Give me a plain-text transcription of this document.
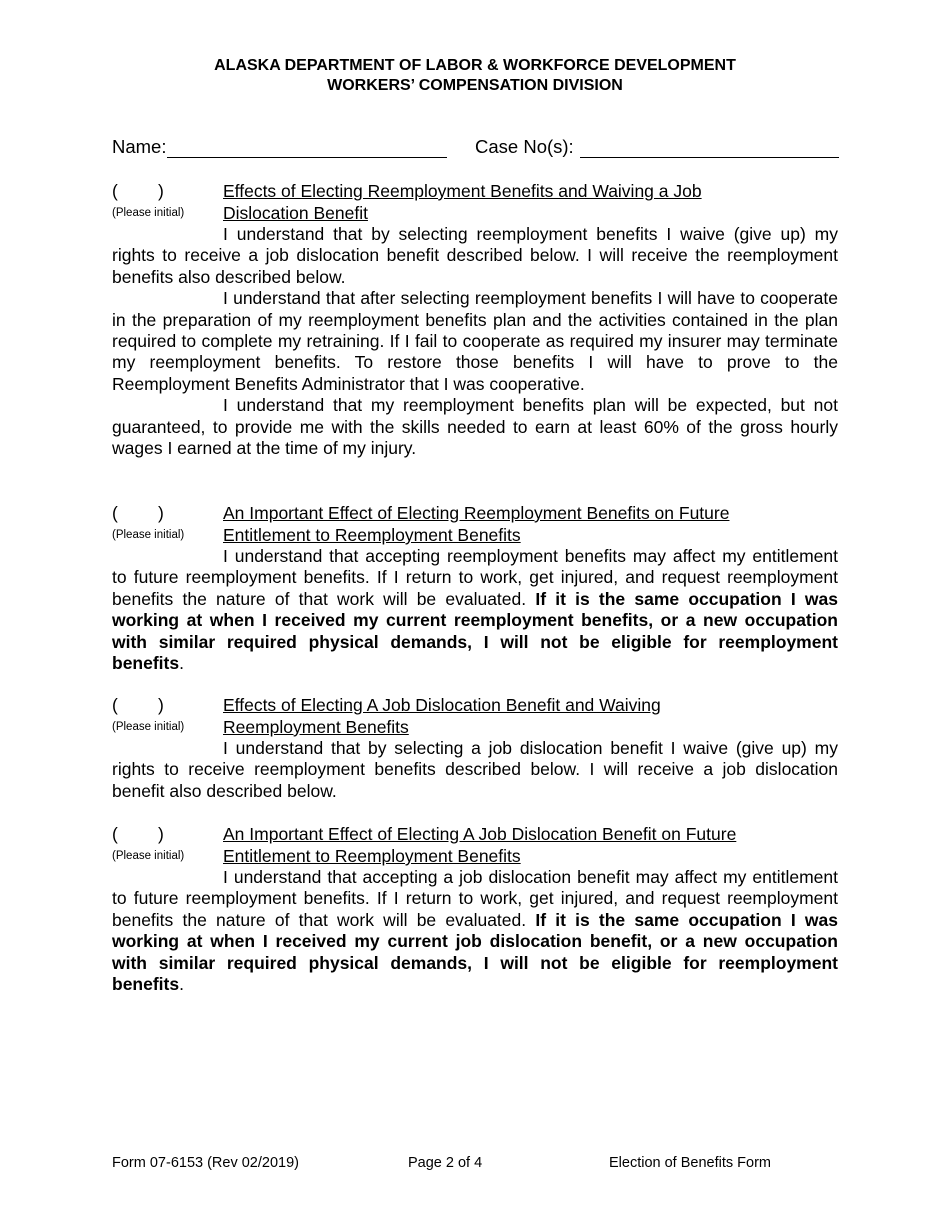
ALASKA DEPARTMENT OF LABOR & WORKFORCE DEVELOPMENT
WORKERS’ COMPENSATION DIVISION
Name:	Case No(s):
( )
(Please initial)
Effects of Electing Reemployment Benefits and Waiving a Job
Dislocation Benefit

I understand that by selecting reemployment benefits I waive (give up) my rights to receive a job dislocation benefit described below. I will receive the reemployment benefits also described below.

I understand that after selecting reemployment benefits I will have to cooperate in the preparation of my reemployment benefits plan and the activities contained in the plan required to complete my retraining. If I fail to cooperate as required my insurer may terminate my reemployment benefits. To restore those benefits I will have to prove to the Reemployment Benefits Administrator that I was cooperative.

I understand that my reemployment benefits plan will be expected, but not guaranteed, to provide me with the skills needed to earn at least 60% of the gross hourly wages I earned at the time of my injury.

( )
(Please initial)
An Important Effect of Electing Reemployment Benefits on Future
Entitlement to Reemployment Benefits

I understand that accepting reemployment benefits may affect my entitlement to future reemployment benefits. If I return to work, get injured, and request reemployment benefits the nature of that work will be evaluated. If it is the same occupation I was working at when I received my current reemployment benefits, or a new occupation with similar required physical demands, I will not be eligible for reemployment benefits.

( )
(Please initial)
Effects of Electing A Job Dislocation Benefit and Waiving
Reemployment Benefits

I understand that by selecting a job dislocation benefit I waive (give up) my rights to receive reemployment benefits described below. I will receive a job dislocation benefit also described below.

( )
(Please initial)
An Important Effect of Electing A Job Dislocation Benefit on Future
Entitlement to Reemployment Benefits

I understand that accepting a job dislocation benefit may affect my entitlement to future reemployment benefits. If I return to work, get injured, and request reemployment benefits the nature of that work will be evaluated. If it is the same occupation I was working at when I received my current job dislocation benefit, or a new occupation with similar required physical demands, I will not be eligible for reemployment benefits.

Form 07-6153 (Rev 02/2019)	Page 2 of 4	Election of Benefits Form
